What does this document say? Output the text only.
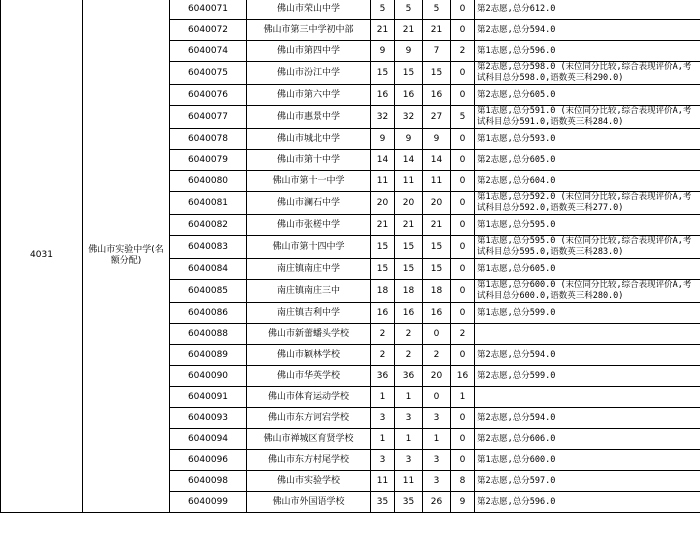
4031	佛山市实验中学(名额分配)	6040071	佛山市荣山中学	5	5	5	0	第2志愿,总分612.0
		6040072	佛山市第三中学初中部	21	21	21	0	第2志愿,总分594.0
		6040074	佛山市第四中学	9	9	7	2	第1志愿,总分596.0
		6040075	佛山市汾江中学	15	15	15	0	第2志愿,总分598.0 (末位同分比较,综合表现评价A,考试科目总分598.0,语数英三科290.0)
		6040076	佛山市第六中学	16	16	16	0	第2志愿,总分605.0
		6040077	佛山市惠景中学	32	32	27	5	第1志愿,总分591.0 (末位同分比较,综合表现评价A,考试科目总分591.0,语数英三科284.0)
		6040078	佛山市城北中学	9	9	9	0	第1志愿,总分593.0
		6040079	佛山市第十中学	14	14	14	0	第2志愿,总分605.0
		6040080	佛山市第十一中学	11	11	11	0	第2志愿,总分604.0
		6040081	佛山市澜石中学	20	20	20	0	第1志愿,总分592.0 (末位同分比较,综合表现评价A,考试科目总分592.0,语数英三科277.0)
		6040082	佛山市张槎中学	21	21	21	0	第1志愿,总分595.0
		6040083	佛山市第十四中学	15	15	15	0	第1志愿,总分595.0 (末位同分比较,综合表现评价A,考试科目总分595.0,语数英三科283.0)
		6040084	南庄镇南庄中学	15	15	15	0	第1志愿,总分605.0
		6040085	南庄镇南庄三中	18	18	18	0	第1志愿,总分600.0 (末位同分比较,综合表现评价A,考试科目总分600.0,语数英三科280.0)
		6040086	南庄镇吉利中学	16	16	16	0	第1志愿,总分599.0
		6040088	佛山市新蕾蟠头学校	2	2	0	2	
		6040089	佛山市颖林学校	2	2	2	0	第2志愿,总分594.0
		6040090	佛山市华英学校	36	36	20	16	第2志愿,总分599.0
		6040091	佛山市体育运动学校	1	1	0	1	
		6040093	佛山市东方诃宕学校	3	3	3	0	第2志愿,总分594.0
		6040094	佛山市禅城区育贤学校	1	1	1	0	第2志愿,总分606.0
		6040096	佛山市东方村尾学校	3	3	3	0	第1志愿,总分600.0
		6040098	佛山市实验学校	11	11	3	8	第2志愿,总分597.0
		6040099	佛山市外国语学校	35	35	26	9	第2志愿,总分596.0
